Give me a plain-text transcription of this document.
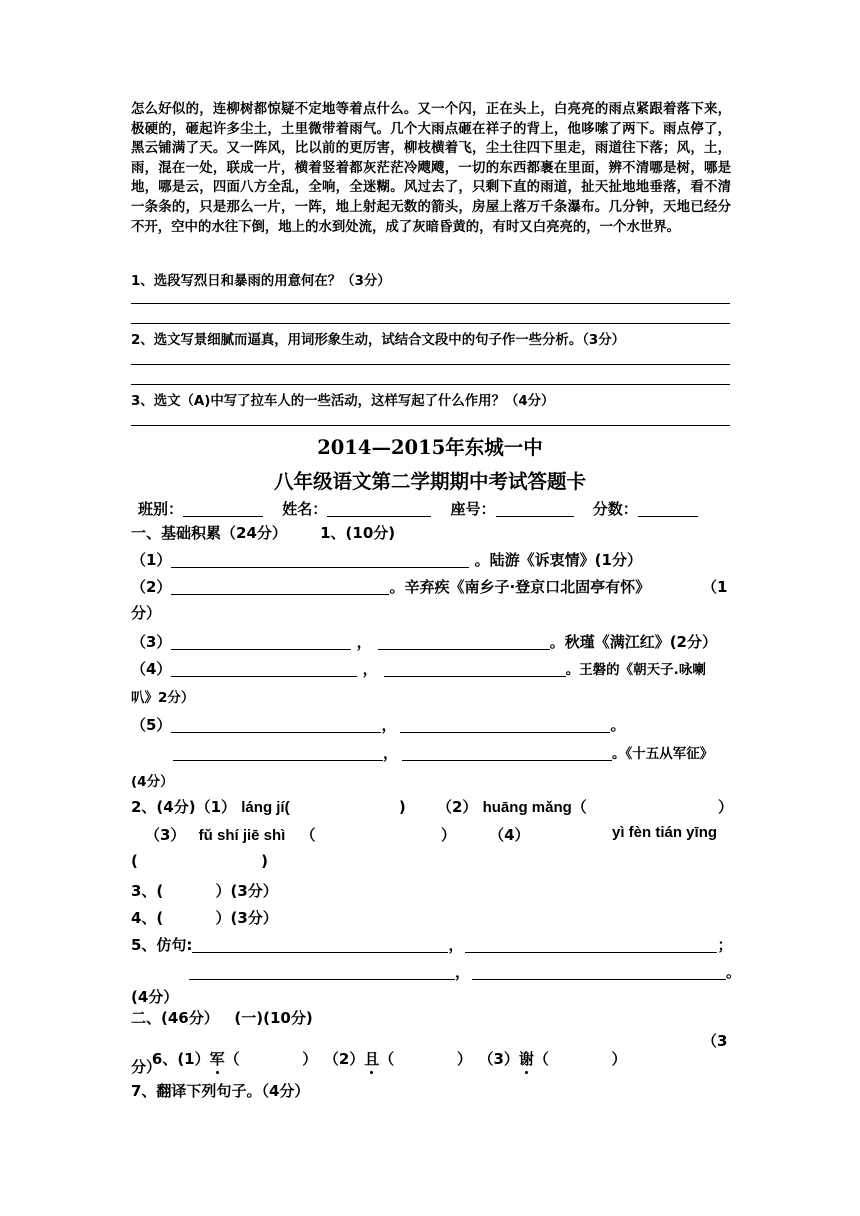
怎么好似的，连柳树都惊疑不定地等着点什么。又一个闪，正在头上，白亮亮的雨点紧跟着落下来，极硬的，砸起许多尘土，土里微带着雨气。几个大雨点砸在祥子的背上，他哆嗦了两下。雨点停了，黑云铺满了天。又一阵风，比以前的更厉害，柳枝横着飞，尘土往四下里走，雨道往下落；风，土，雨，混在一处，联成一片，横着竖着都灰茫茫冷飕飕，一切的东西都裹在里面，辨不清哪是树，哪是地，哪是云，四面八方全乱，全响，全迷糊。风过去了，只剩下直的雨道，扯天扯地地垂落，看不清一条条的，只是那么一片，一阵，地上射起无数的箭头，房屋上落万千条瀑布。几分钟，天地已经分不开，空中的水往下倒，地上的水到处流，成了灰暗昏黄的，有时又白亮亮的，一个水世界。

1、选段写烈日和暴雨的用意何在？（3分）
2、选文写景细腻而逼真，用词形象生动，试结合文段中的句子作一些分析。（3分）
3、选文（A)中写了拉车人的一些活动，这样写起了什么作用？（4分）
2014—2015年东城一中
八年级语文第二学期期中考试答题卡
班别：	姓名：	座号：	分数：
一、基础积累（24分） 1、(10分)
（1）	。陆游《诉衷情》(1分）
（2）	。辛弃疾《南乡子·登京口北固亭有怀》	（1
分）
（3）	，	。秋瑾《满江红》(2分）
（4）	，	。王磐的《朝天子.咏喇
叭》2分）
（5）	，	。
，	。《十五从军征》
(4分）
2、(4分)（1） láng jí(	) （2） huāng mǎng（	）
（3） fǔ shí jiē shì （	） （4）	yì fèn tián yīng
(	)
3、(          ）(3分）
4、(          ）(3分）
5、仿句:	，	；
，	。
(4分）
二、(46分）   (一)(10分)

6、(1）军（            ） （2）且（            ） （3）谢（            ）

（3
分）
7、翻译下列句子。（4分）
